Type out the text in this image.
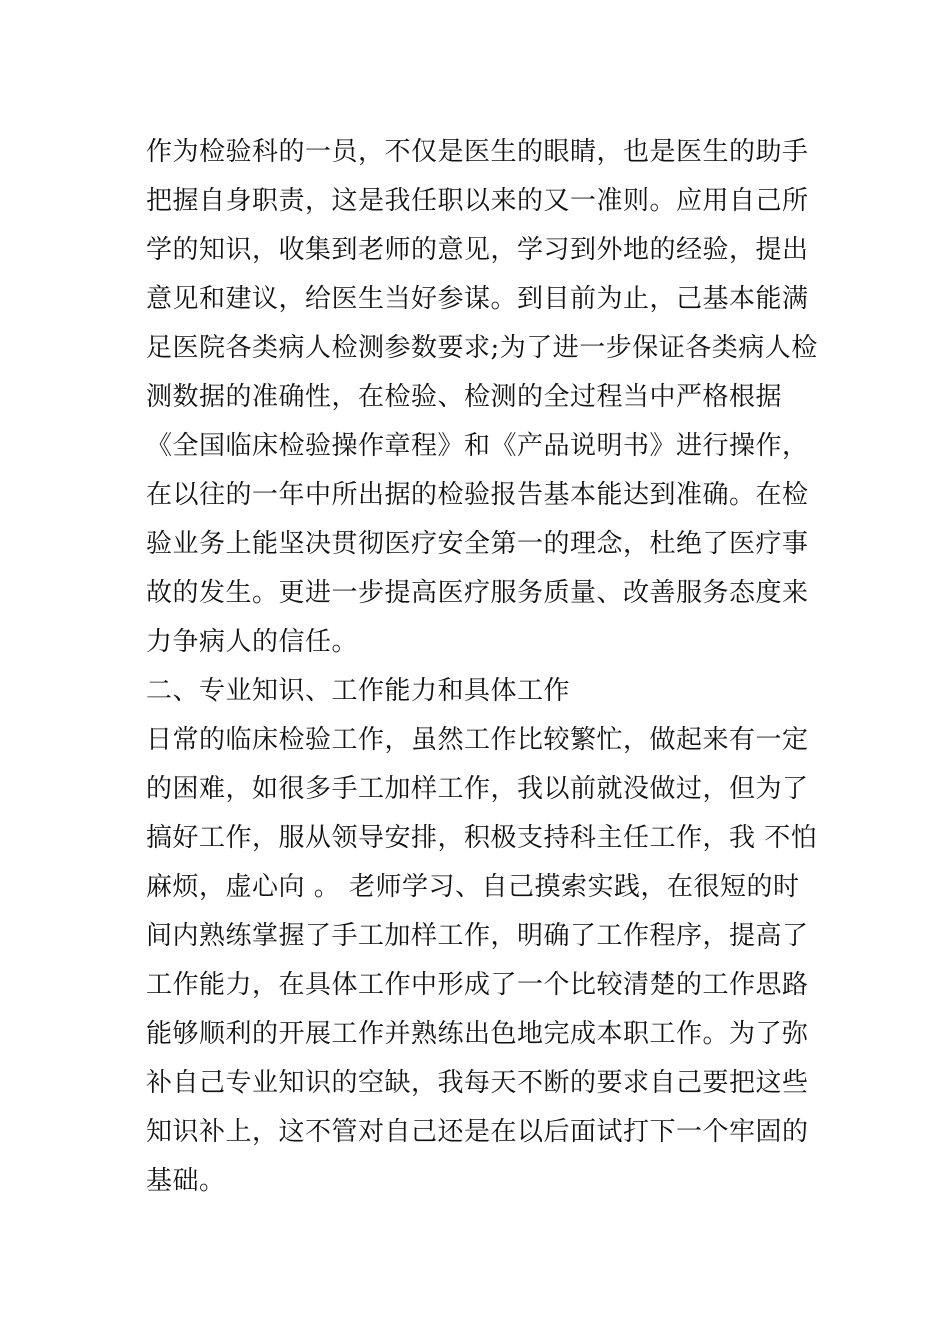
作为检验科的一员，不仅是医生的眼睛，也是医生的助手
把握自身职责，这是我任职以来的又一准则。应用自己所
学的知识，收集到老师的意见，学习到外地的经验，提出
意见和建议，给医生当好参谋。到目前为止，己基本能满
足医院各类病人检测参数要求;为了进一步保证各类病人检
测数据的准确性，在检验、检测的全过程当中严格根据
《全国临床检验操作章程》和《产品说明书》进行操作，
在以往的一年中所出据的检验报告基本能达到准确。在检
验业务上能坚决贯彻医疗安全第一的理念，杜绝了医疗事
故的发生。更进一步提高医疗服务质量、改善服务态度来
力争病人的信任。
二、专业知识、工作能力和具体工作
日常的临床检验工作，虽然工作比较繁忙，做起来有一定
的困难，如很多手工加样工作，我以前就没做过，但为了
搞好工作，服从领导安排，积极支持科主任工作，我 不怕
麻烦，虚心向 。 老师学习、自己摸索实践，在很短的时
间内熟练掌握了手工加样工作，明确了工作程序，提高了
工作能力，在具体工作中形成了一个比较清楚的工作思路
能够顺利的开展工作并熟练出色地完成本职工作。为了弥
补自己专业知识的空缺，我每天不断的要求自己要把这些
知识补上，这不管对自己还是在以后面试打下一个牢固的
基础。
